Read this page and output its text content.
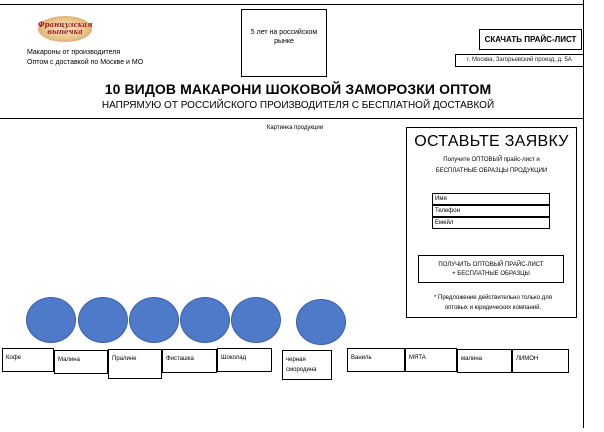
Французская выпечка
Макароны от производителя
Оптом с доставкой по Москве и МО
5 лет на российском рынке	СКАЧАТЬ ПРАЙС-ЛИСТ
г. Москва, Загорьевский проезд, д. 5А
10 ВИДОВ МАКАРОНИ ШОКОВОЙ ЗАМОРОЗКИ ОПТОМ
НАПРЯМУЮ ОТ РОССИЙСКОГО ПРОИЗВОДИТЕЛЯ С БЕСПЛАТНОЙ ДОСТАВКОЙ
Картинка продукции
ОСТАВЬТЕ ЗАЯВКУ
Получите ОПТОВЫЙ прайс-лист и
БЕСПЛАТНЫЕ ОБРАЗЦЫ ПРОДУКЦИИ
Имя
Телефон
Емейл
ПОЛУЧИТЬ ОПТОВЫЙ ПРАЙС-ЛИСТ
+ БЕСПЛАТНЫЕ ОБРАЗЦЫ
* Предложение действительно только для
оптовых и юридических компаний.
Кофе	Малина	Пралине	Фисташка	Шоколад	черная смородина
Ваниль	МЯТА	малина	ЛИМОН
